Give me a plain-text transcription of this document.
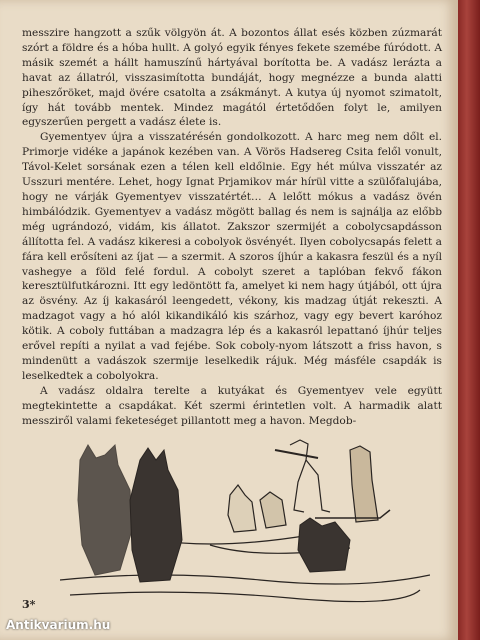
messzire hangzott a szűk völgyön át. A bozontos állat esés közben zúzmarát szórt a földre és a hóba hullt. A golyó egyik fényes fekete szemébe fúródott. A másik szemét a hállt hamuszínű hártyával borította be. A vadász lerázta a havat az állatról, visszasimította bundáját, hogy megnézze a bunda alatti piheszőröket, majd övére csatolta a zsákmányt. A kutya új nyomot szimatolt, így hát tovább mentek. Mindez magától értetődően folyt le, amilyen egyszerűen pergett a vadász élete is.

Gyementyev újra a visszatérésén gondolkozott. A harc meg nem dőlt el. Primorje vidéke a japánok kezében van. A Vörös Hadsereg Csita felől vonult, Távol-Kelet sorsának ezen a télen kell eldőlnie. Egy hét múlva visszatér az Usszuri mentére. Lehet, hogy Ignat Prjamikov már hírül vitte a szülőfalujába, hogy ne várják Gyementyev visszatértét… A lelőtt mókus a vadász övén himbálódzik. Gyementyev a vadász mögött ballag és nem is sajnálja az előbb még ugrándozó, vidám, kis állatot. Zakszor szermijét a cobolycsapdásson állította fel. A vadász kikeresi a cobolyok ösvényét. Ilyen cobolycsapás felett a fára kell erősíteni az íjat — a szermit. A szoros íjhúr a kakasra feszül és a nyíl vashegye a föld felé fordul. A cobolyt szeret a taplóban fekvő fákon keresztülfutkározni. Itt egy ledöntött fa, amelyet ki nem hagy útjából, ott újra az ösvény. Az íj kakasáról leengedett, vékony, kis madzag útját rekeszti. A madzagot vagy a hó alól kikandikáló kis szárhoz, vagy egy bevert karóhoz kötik. A coboly futtában a madzagra lép és a kakasról lepattanó íjhúr teljes erővel repíti a nyilat a vad fejébe. Sok coboly-nyom látszott a friss havon, s mindenütt a vadászok szermije leselkedik rájuk. Még másféle csapdák is leselkedtek a cobolyokra.

A vadász oldalra terelte a kutyákat és Gyementyev vele együtt megtekintette a csapdákat. Két szermi érintetlen volt. A harmadik alatt messziről valami feketeséget pillantott meg a havon. Megdob-

3*
Antikvarium.hu
